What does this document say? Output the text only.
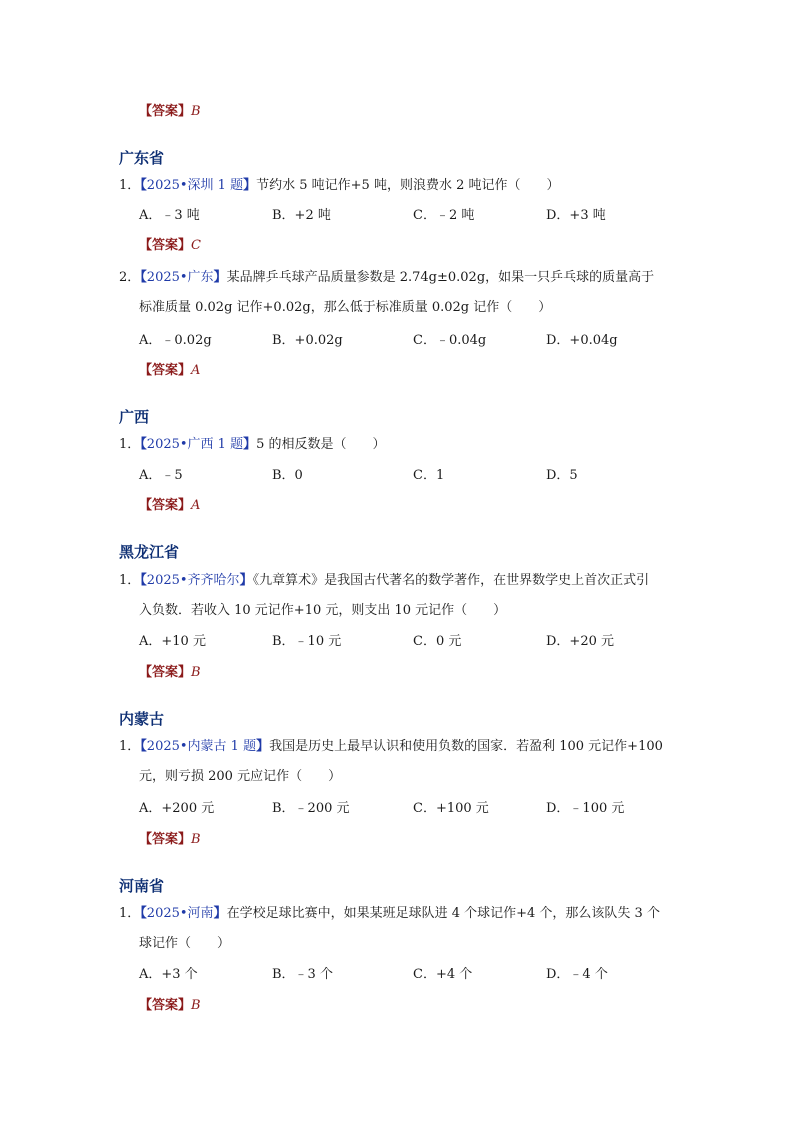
【答案】B
广东省
1．【2025•深圳 1 题】节约水 5 吨记作+5 吨，则浪费水 2 吨记作（　　）
A．﹣3 吨	B．+2 吨	C．﹣2 吨	D．+3 吨
【答案】C
2．【2025•广东】某品牌乒乓球产品质量参数是 2.74g±0.02g，如果一只乒乓球的质量高于
标准质量 0.02g 记作+0.02g，那么低于标准质量 0.02g 记作（　　）
A．﹣0.02g	B．+0.02g	C．﹣0.04g	D．+0.04g
【答案】A
广西
1．【2025•广西 1 题】5 的相反数是（　　）
A．﹣5	B．0	C．1	D．5
【答案】A
黑龙江省
1．【2025•齐齐哈尔】《九章算术》是我国古代著名的数学著作，在世界数学史上首次正式引
入负数．若收入 10 元记作+10 元，则支出 10 元记作（　　）
A．+10 元	B．﹣10 元	C．0 元	D．+20 元
【答案】B
内蒙古
1．【2025•内蒙古 1 题】我国是历史上最早认识和使用负数的国家．若盈利 100 元记作+100
元，则亏损 200 元应记作（　　）
A．+200 元	B．﹣200 元	C．+100 元	D．﹣100 元
【答案】B
河南省
1．【2025•河南】在学校足球比赛中，如果某班足球队进 4 个球记作+4 个，那么该队失 3 个
球记作（　　）
A．+3 个	B．﹣3 个	C．+4 个	D．﹣4 个
【答案】B
